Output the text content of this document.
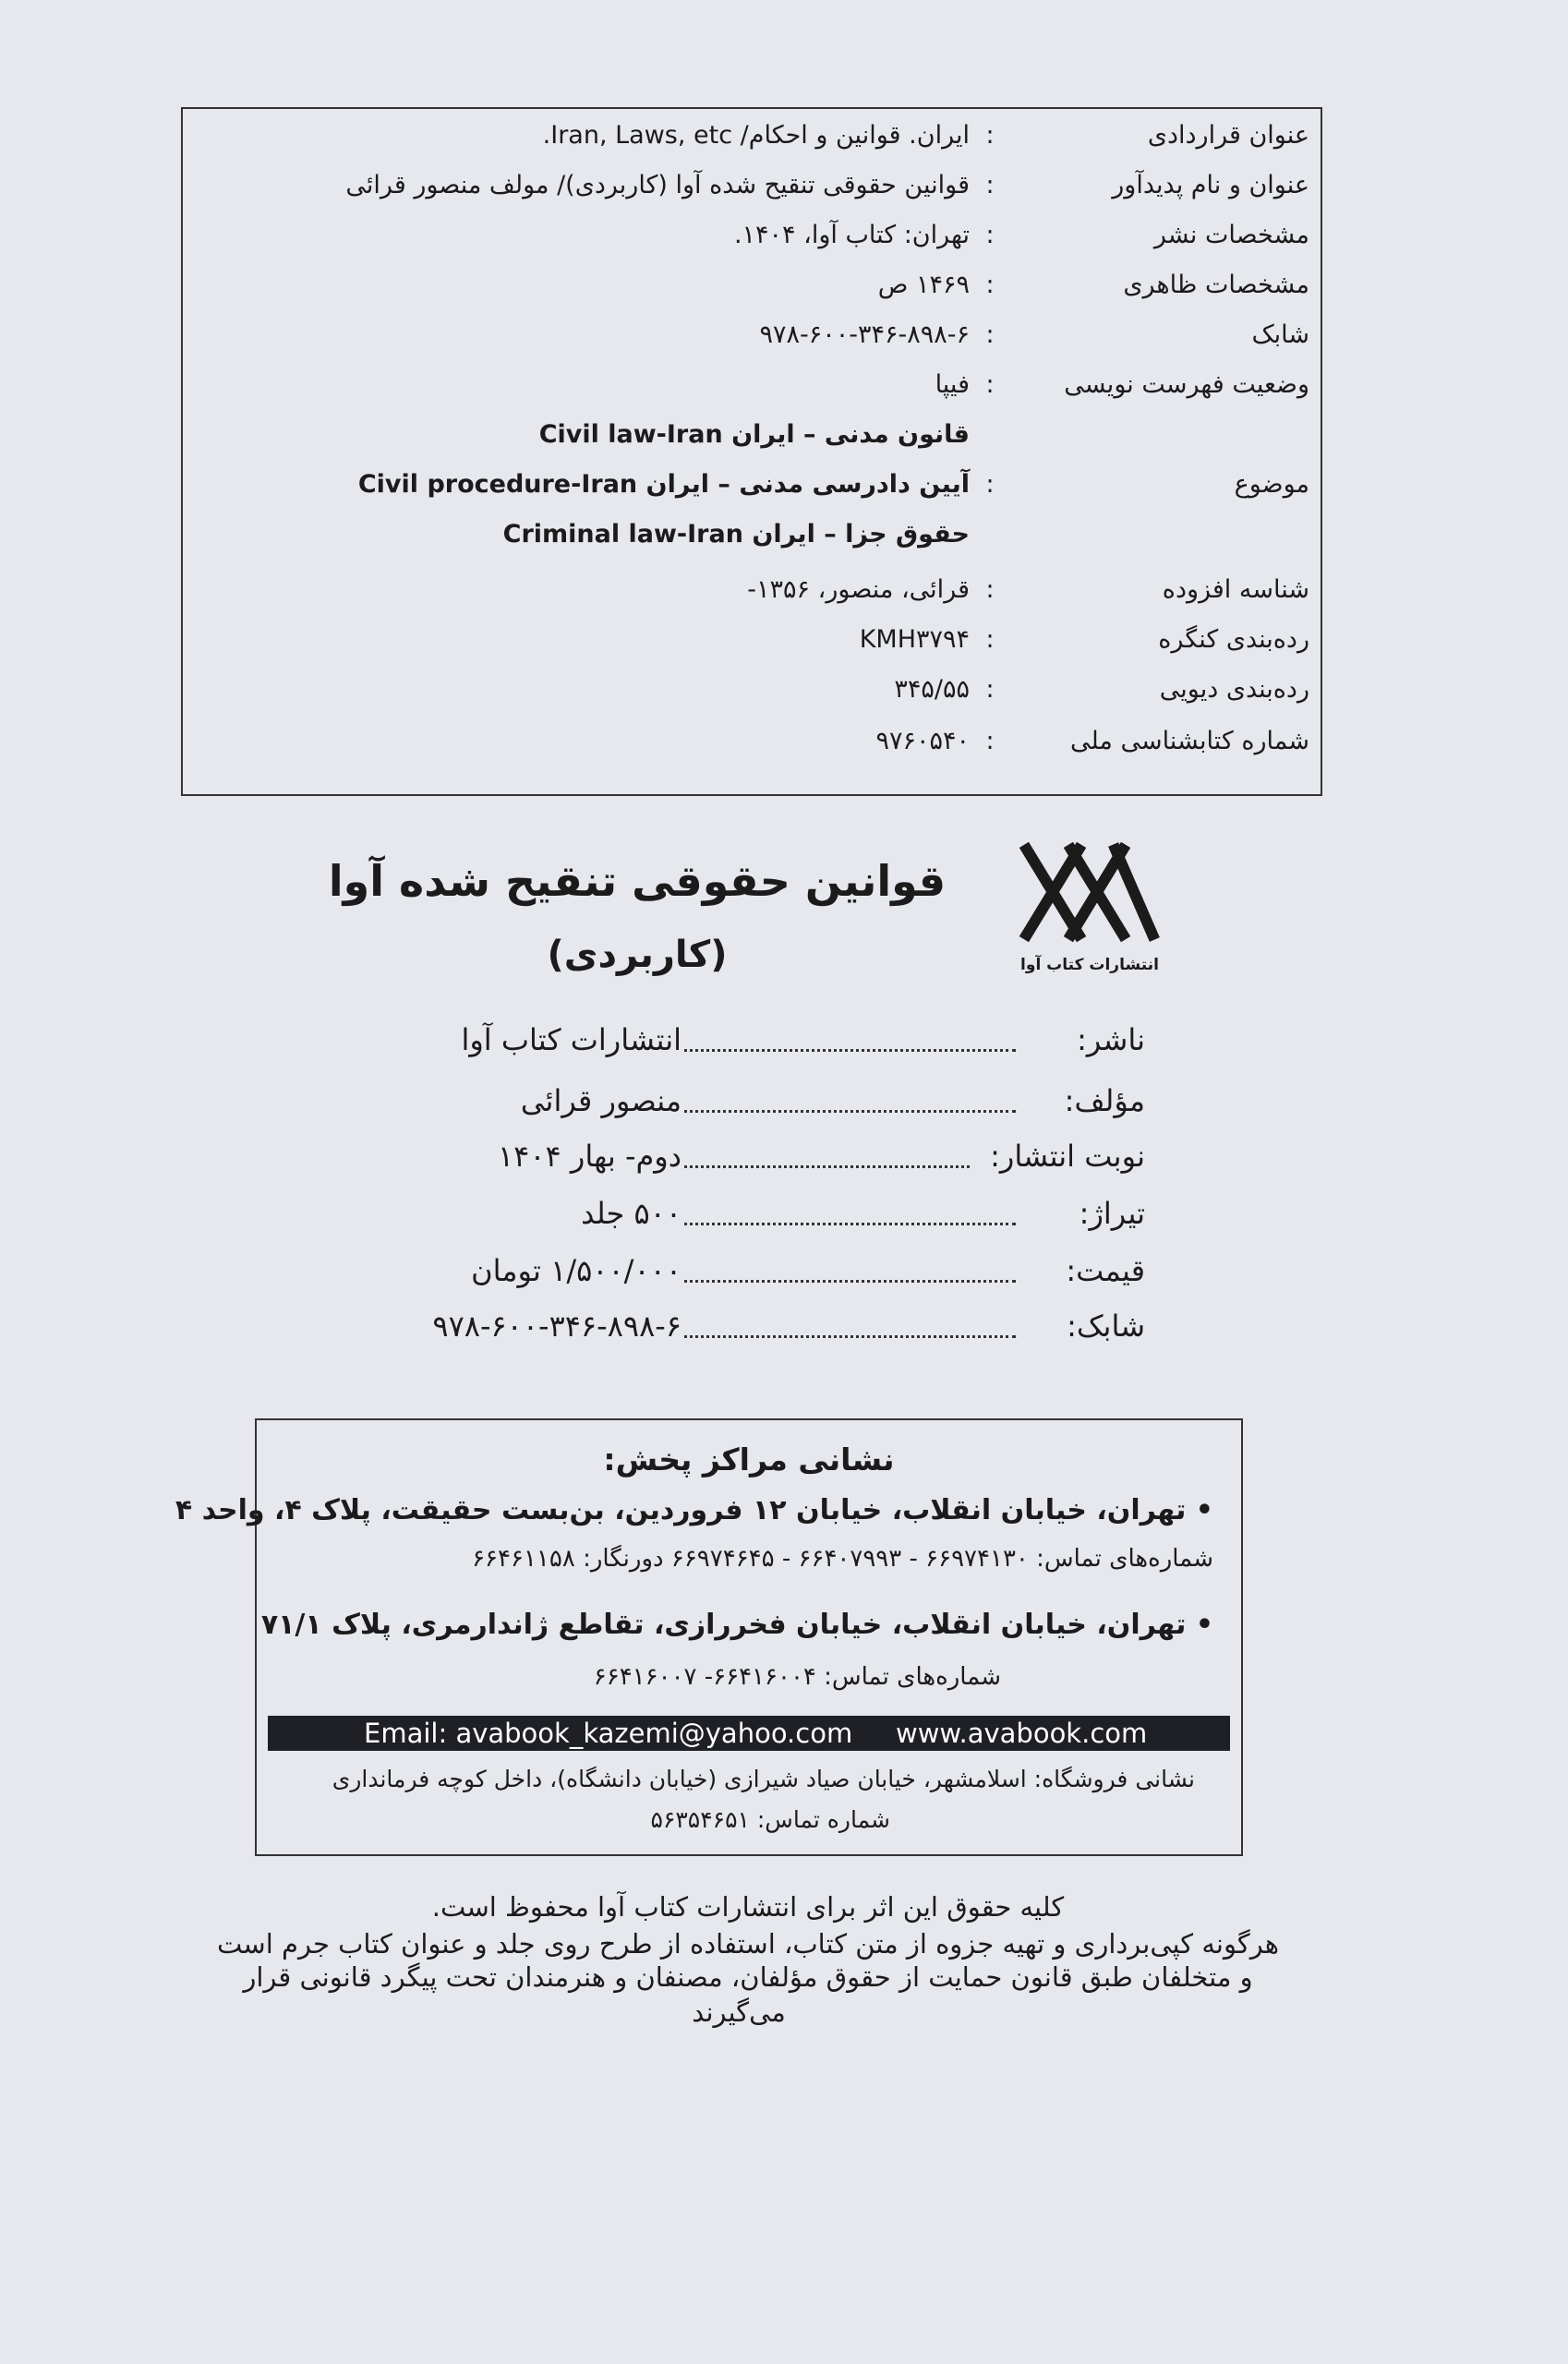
عنوان قراردادی
:
ایران. قوانین و احکام/ Iran, Laws, etc.
عنوان و نام پدیدآور
:
قوانین حقوقی تنقیح شده آوا (کاربردی)/ مولف منصور قرائی
مشخصات نشر
:
تهران: کتاب آوا، ۱۴۰۴.
مشخصات ظاهری
:
۱۴۶۹ ص
شابک
:
۹۷۸-۶۰۰-۳۴۶-۸۹۸-۶
وضعیت فهرست نویسی
:
فیپا
قانون مدنی – ایران Civil law-Iran
موضوع
:
آیین دادرسی مدنی – ایران Civil procedure-Iran
حقوق جزا – ایران Criminal law-Iran
شناسه افزوده
:
قرائی، منصور، ۱۳۵۶-
رده‌بندی کنگره
:
KMH۳۷۹۴
رده‌بندی دیویی
:
۳۴۵/۵۵
شماره کتابشناسی ملی
:
۹۷۶۰۵۴۰
انتشارات کتاب آوا
قوانین حقوقی تنقیح شده آوا
(کاربردی)
ناشر:
انتشارات کتاب آوا
مؤلف:
منصور قرائی
نوبت انتشار:
دوم- بهار ۱۴۰۴
تیراژ:
۵۰۰ جلد
قیمت:
۱/۵۰۰/۰۰۰ تومان
شابک:
۹۷۸-۶۰۰-۳۴۶-۸۹۸-۶
نشانی مراکز پخش:
• تهران، خیابان انقلاب، خیابان ۱۲ فروردین، بن‌بست حقیقت، پلاک ۴، واحد ۴
شماره‌های تماس: ۶۶۹۷۴۱۳۰ - ۶۶۴۰۷۹۹۳ - ۶۶۹۷۴۶۴۵ دورنگار: ۶۶۴۶۱۱۵۸
• تهران، خیابان انقلاب، خیابان فخررازی، تقاطع ژاندارمری، پلاک ۷۱/۱
شماره‌های تماس: ۶۶۴۱۶۰۰۴- ۶۶۴۱۶۰۰۷
Email: avabook_kazemi@yahoo.com www.avabook.com
نشانی فروشگاه: اسلامشهر، خیابان صیاد شیرازی (خیابان دانشگاه)، داخل کوچه فرمانداری
شماره تماس: ۵۶۳۵۴۶۵۱
کلیه حقوق این اثر برای انتشارات کتاب آوا محفوظ است.
هرگونه کپی‌برداری و تهیه جزوه از متن کتاب، استفاده از طرح روی جلد و عنوان کتاب جرم است
و متخلفان طبق قانون حمایت از حقوق مؤلفان، مصنفان و هنرمندان تحت پیگرد قانونی قرار
می‌گیرند
